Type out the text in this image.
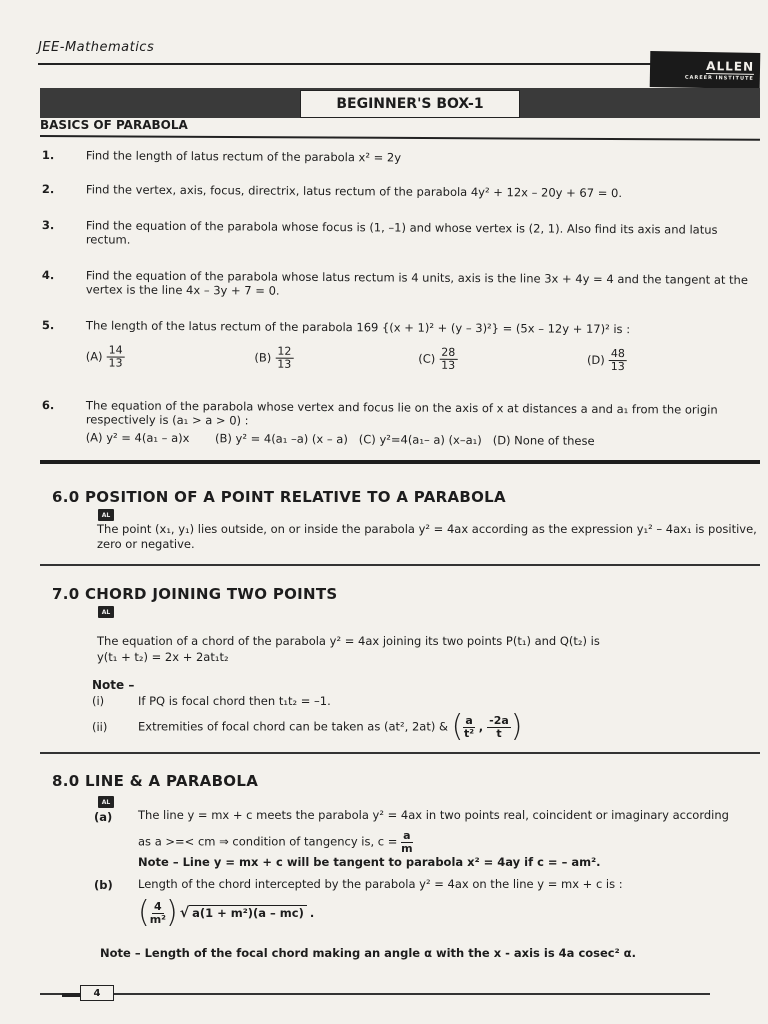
JEE-Mathematics
ALLEN
CAREER INSTITUTE
BEGINNER'S BOX-1
BASICS OF PARABOLA
1.	Find the length of latus rectum of the parabola x² = 2y
2.	Find the vertex, axis, focus, directrix, latus rectum of the parabola 4y² + 12x – 20y + 67 = 0.
3.	Find the equation of the parabola whose focus is (1, –1) and whose vertex is (2, 1). Also find its axis and latus rectum.
4.	Find the equation of the parabola whose latus rectum is 4 units, axis is the line 3x + 4y = 4 and the tangent at the vertex is the line 4x – 3y + 7 = 0.
5.	The length of the latus rectum of the parabola 169 {(x + 1)² + (y – 3)²} = (5x – 12y + 17)² is :
$(A) \frac{14}{13}$	$(B) \frac{12}{13}$	$(C) \frac{28}{13}$	$(D) \frac{48}{13}$
6.	The equation of the parabola whose vertex and focus lie on the axis of x at distances a and a₁ from the origin respectively is (a₁ > a > 0) :
(A) y² = 4(a₁ – a)x       (B) y² = 4(a₁ –a) (x – a)   (C) y²=4(a₁– a) (x–a₁)   (D) None of these
6.0 POSITION OF A POINT RELATIVE TO A PARABOLA
AL
The point (x₁, y₁) lies outside, on or inside the parabola y² = 4ax according as the expression y₁² – 4ax₁ is positive, zero or negative.
7.0 CHORD JOINING TWO POINTS
AL
The equation of a chord of the parabola y² = 4ax joining its two points P(t₁) and Q(t₂) is
y(t₁ + t₂) = 2x + 2at₁t₂
Note –
(i)	If PQ is focal chord then t₁t₂ = –1.
(ii)	Extremities of focal chord can be taken as (at², 2at) & ( $\frac{a}{\text{t²}}$ , $\frac{-2a}{t}$ )
8.0 LINE & A PARABOLA
AL
(a) The line y = mx + c meets the parabola y² = 4ax in two points real, coincident or imaginary according
as a >=< cm ⇒ condition of tangency is, $c = \frac{a}{m}$
Note – Line y = mx + c will be tangent to parabola x² = 4ay if c = – am².
(b) Length of the chord intercepted by the parabola y² = 4ax on the line y = mx + c is :
( $\frac{4}{\text{m²}}$ ) √ a(1 + m²)(a – mc) .
Note – Length of the focal chord making an angle α with the x - axis is 4a cosec² α.
4
